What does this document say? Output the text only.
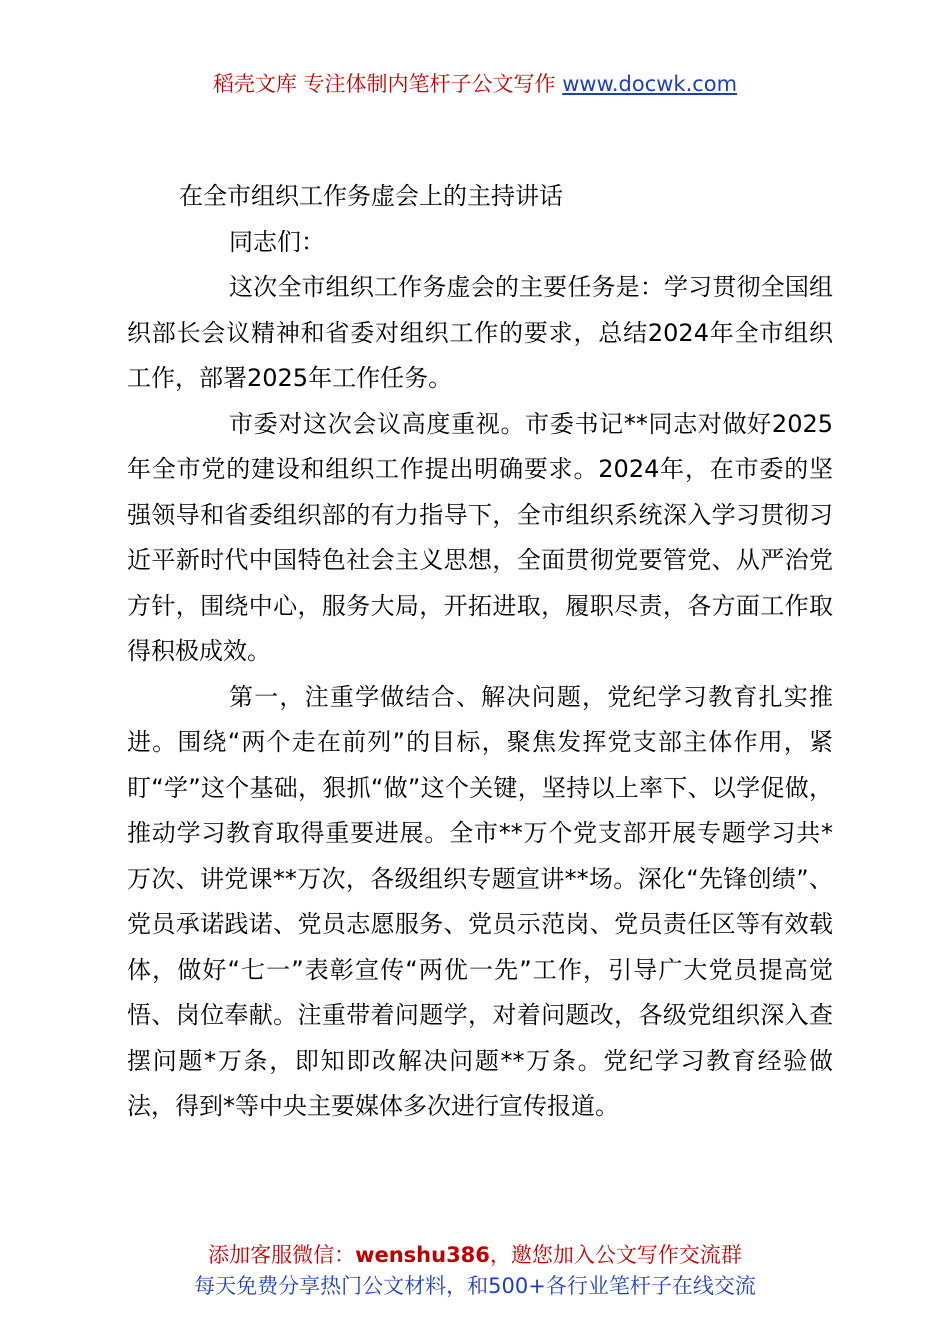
稻壳文库 专注体制内笔杆子公文写作 www.docwk.com

在全市组织工作务虚会上的主持讲话

同志们：

这次全市组织工作务虚会的主要任务是：学习贯彻全国组织部长会议精神和省委对组织工作的要求，总结2024年全市组织工作，部署2025年工作任务。

市委对这次会议高度重视。市委书记**同志对做好2025年全市党的建设和组织工作提出明确要求。2024年，在市委的坚强领导和省委组织部的有力指导下，全市组织系统深入学习贯彻习近平新时代中国特色社会主义思想，全面贯彻党要管党、从严治党方针，围绕中心，服务大局，开拓进取，履职尽责，各方面工作取得积极成效。

第一，注重学做结合、解决问题，党纪学习教育扎实推进。围绕“两个走在前列”的目标，聚焦发挥党支部主体作用，紧盯“学”这个基础，狠抓“做”这个关键，坚持以上率下、以学促做，推动学习教育取得重要进展。全市**万个党支部开展专题学习共*万次、讲党课**万次，各级组织专题宣讲**场。深化“先锋创绩”、党员承诺践诺、党员志愿服务、党员示范岗、党员责任区等有效载体，做好“七一”表彰宣传“两优一先”工作，引导广大党员提高觉悟、岗位奉献。注重带着问题学，对着问题改，各级党组织深入查摆问题*万条，即知即改解决问题**万条。党纪学习教育经验做法，得到*等中央主要媒体多次进行宣传报道。

添加客服微信：wenshu386，邀您加入公文写作交流群
每天免费分享热门公文材料，和500+各行业笔杆子在线交流
